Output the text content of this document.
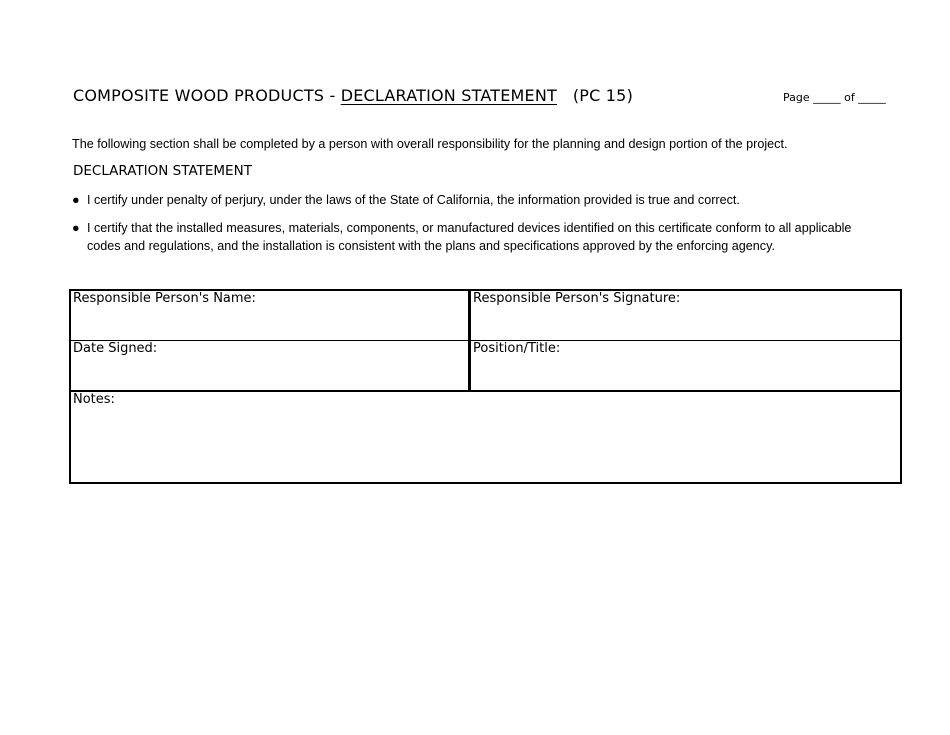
COMPOSITE WOOD PRODUCTS - DECLARATION STATEMENT (PC 15)	Page _____ of _____
The following section shall be completed by a person with overall responsibility for the planning and design portion of the project.
DECLARATION STATEMENT
● I certify under penalty of perjury, under the laws of the State of California, the information provided is true and correct.
● I certify that the installed measures, materials, components, or manufactured devices identified on this certificate conform to all applicable codes and regulations, and the installation is consistent with the plans and specifications approved by the enforcing agency.
Responsible Person's Name:	Responsible Person's Signature:
Date Signed:	Position/Title:
Notes:	
